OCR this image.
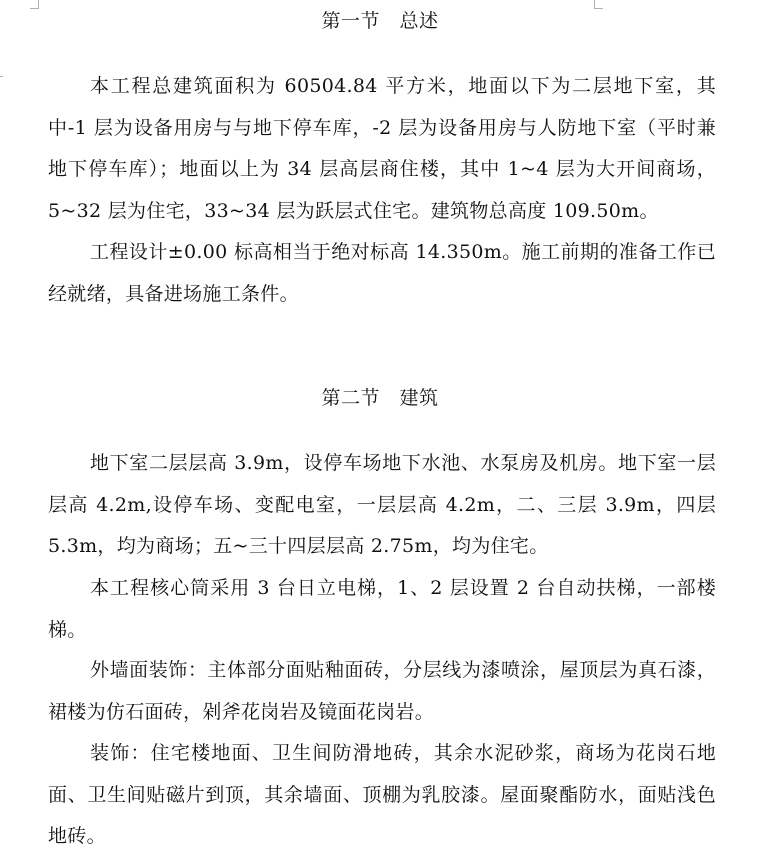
第一节   总述
本工程总建筑面积为 60504.84 平方米，地面以下为二层地下室，其中-1 层为设备用房与与地下停车库，-2 层为设备用房与人防地下室（平时兼地下停车库）；地面以上为 34 层高层商住楼，其中 1~4 层为大开间商场，5~32 层为住宅，33~34 层为跃层式住宅。建筑物总高度 109.50m。
工程设计±0.00 标高相当于绝对标高 14.350m。施工前期的准备工作已经就绪，具备进场施工条件。
第二节   建筑
地下室二层层高 3.9m，设停车场地下水池、水泵房及机房。地下室一层层高 4.2m,设停车场、变配电室，一层层高 4.2m，二、三层 3.9m，四层 5.3m，均为商场；五~三十四层层高 2.75m，均为住宅。
本工程核心筒采用 3 台日立电梯，1、2 层设置 2 台自动扶梯，一部楼梯。
外墙面装饰：主体部分面贴釉面砖，分层线为漆喷涂，屋顶层为真石漆，裙楼为仿石面砖，剁斧花岗岩及镜面花岗岩。
装饰：住宅楼地面、卫生间防滑地砖，其余水泥砂浆，商场为花岗石地面、卫生间贴磁片到顶，其余墙面、顶棚为乳胶漆。屋面聚酯防水，面贴浅色地砖。
